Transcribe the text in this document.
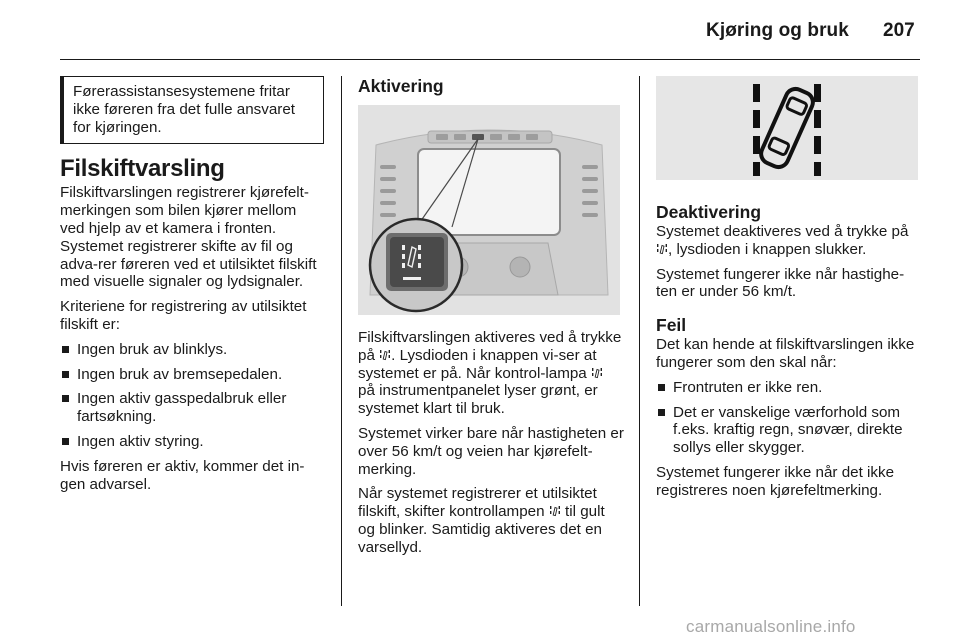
Kjøring og bruk 207

Førerassistansesystemene fritar ikke føreren fra det fulle ansvaret for kjøringen.

Filskiftvarsling

Filskiftvarslingen registrerer kjørefelt-merkingen som bilen kjører mellom ved hjelp av et kamera i fronten. Systemet registrerer skifte av fil og adva-rer føreren ved et utilsiktet filskift med visuelle signaler og lydsignaler.

Kriteriene for registrering av utilsiktet filskift er:

Ingen bruk av blinklys.
Ingen bruk av bremsepedalen.
Ingen aktiv gasspedalbruk eller fartsøkning.
Ingen aktiv styring.

Hvis føreren er aktiv, kommer det in-gen advarsel.

Aktivering

Filskiftvarslingen aktiveres ved å trykke på . Lysdioden i knappen vi-ser at systemet er på. Når kontrol-lampa  på instrumentpanelet lyser grønt, er systemet klart til bruk.

Systemet virker bare når hastigheten er over 56 km/t og veien har kjørefelt-merking.

Når systemet registrerer et utilsiktet filskift, skifter kontrollampen til gult og blinker. Samtidig aktiveres det en varsellyd.

Deaktivering

Systemet deaktiveres ved å trykke på , lysdioden i knappen slukker.

Systemet fungerer ikke når hastighe-ten er under 56 km/t.

Feil

Det kan hende at filskiftvarslingen ikke fungerer som den skal når:

Frontruten er ikke ren.
Det er vanskelige værforhold som f.eks. kraftig regn, snøvær, direkte sollys eller skygger.

Systemet fungerer ikke når det ikke registreres noen kjørefeltmerking.

carmanualsonline.info
